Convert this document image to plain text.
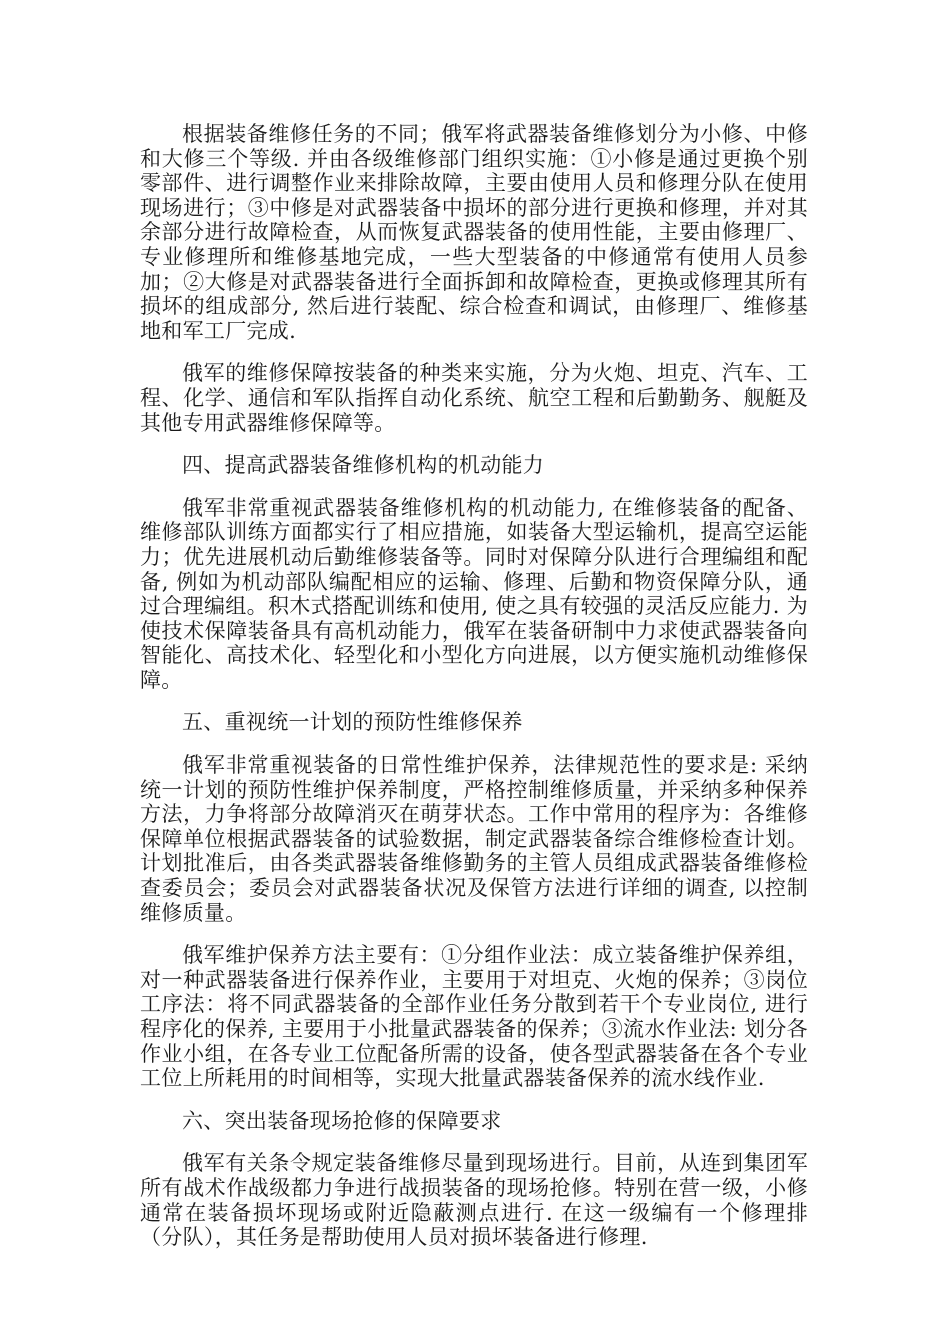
根据装备维修任务的不同；俄军将武器装备维修划分为小修、中修和大修三个等级. 并由各级维修部门组织实施：①小修是通过更换个别零部件、进行调整作业来排除故障，主要由使用人员和修理分队在使用现场进行；③中修是对武器装备中损坏的部分进行更换和修理，并对其余部分进行故障检查，从而恢复武器装备的使用性能，主要由修理厂、专业修理所和维修基地完成，一些大型装备的中修通常有使用人员参加；②大修是对武器装备进行全面拆卸和故障检查，更换或修理其所有损坏的组成部分, 然后进行装配、综合检查和调试，由修理厂、维修基地和军工厂完成.

俄军的维修保障按装备的种类来实施，分为火炮、坦克、汽车、工程、化学、通信和军队指挥自动化系统、航空工程和后勤勤务、舰艇及其他专用武器维修保障等。

四、提高武器装备维修机构的机动能力

俄军非常重视武器装备维修机构的机动能力, 在维修装备的配备、维修部队训练方面都实行了相应措施，如装备大型运输机，提高空运能力；优先进展机动后勤维修装备等。同时对保障分队进行合理编组和配备, 例如为机动部队编配相应的运输、修理、后勤和物资保障分队，通过合理编组。积木式搭配训练和使用, 使之具有较强的灵活反应能力. 为使技术保障装备具有高机动能力，俄军在装备研制中力求使武器装备向智能化、高技术化、轻型化和小型化方向进展，以方便实施机动维修保障。

五、重视统一计划的预防性维修保养

俄军非常重视装备的日常性维护保养，法律规范性的要求是: 采纳统一计划的预防性维护保养制度，严格控制维修质量，并采纳多种保养方法，力争将部分故障消灭在萌芽状态。工作中常用的程序为：各维修保障单位根据武器装备的试验数据，制定武器装备综合维修检查计划。计划批准后，由各类武器装备维修勤务的主管人员组成武器装备维修检查委员会；委员会对武器装备状况及保管方法进行详细的调查, 以控制维修质量。

俄军维护保养方法主要有：①分组作业法：成立装备维护保养组，对一种武器装备进行保养作业，主要用于对坦克、火炮的保养；③岗位工序法：将不同武器装备的全部作业任务分散到若干个专业岗位, 进行程序化的保养, 主要用于小批量武器装备的保养；③流水作业法: 划分各作业小组，在各专业工位配备所需的设备，使各型武器装备在各个专业工位上所耗用的时间相等，实现大批量武器装备保养的流水线作业.

六、突出装备现场抢修的保障要求

俄军有关条令规定装备维修尽量到现场进行。目前，从连到集团军所有战术作战级都力争进行战损装备的现场抢修。特别在营一级，小修通常在装备损坏现场或附近隐蔽测点进行. 在这一级编有一个修理排（分队），其任务是帮助使用人员对损坏装备进行修理.
